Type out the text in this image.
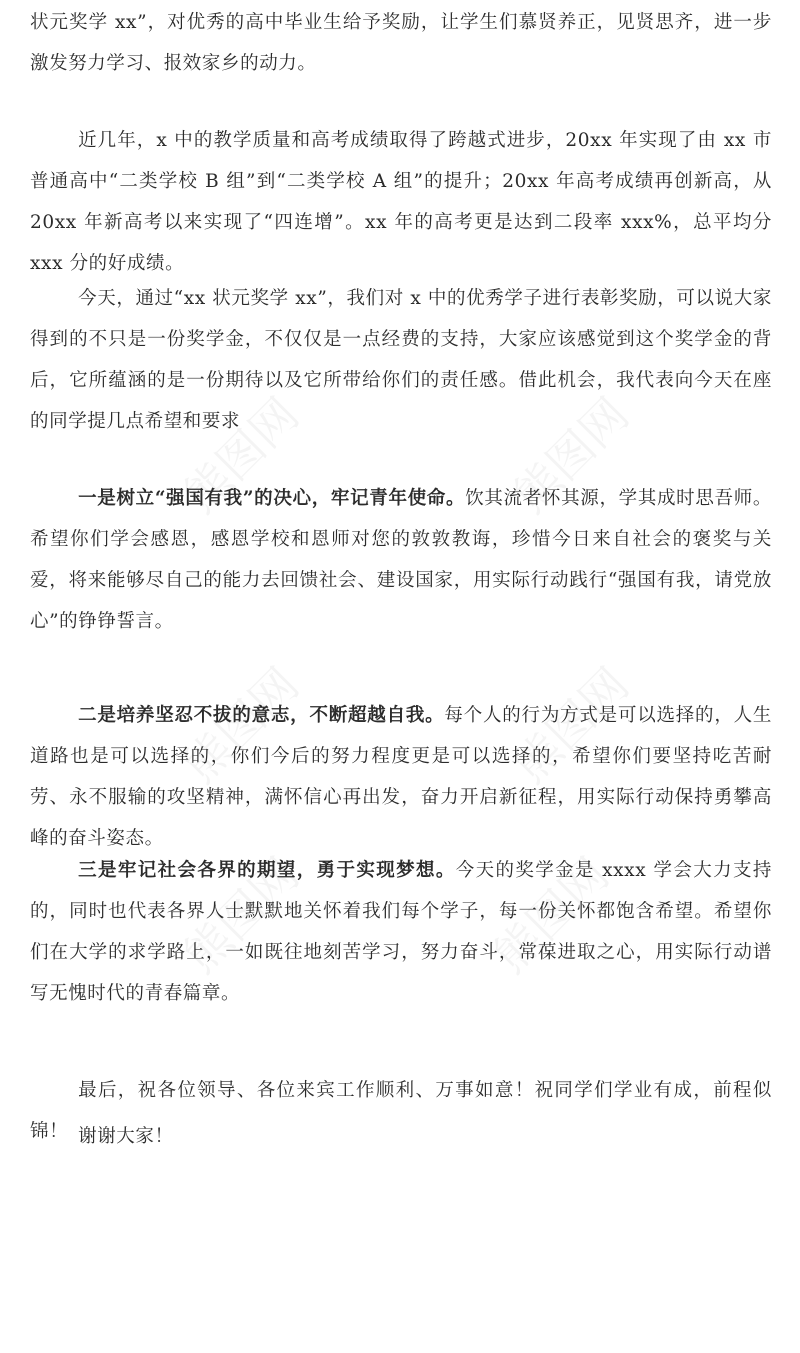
状元奖学 xx”，对优秀的高中毕业生给予奖励，让学生们慕贤养正，见贤思齐，进一步激发努力学习、报效家乡的动力。

近几年，x 中的教学质量和高考成绩取得了跨越式进步，20xx 年实现了由 xx 市普通高中“二类学校 B 组”到“二类学校 A 组”的提升；20xx 年高考成绩再创新高，从 20xx 年新高考以来实现了“四连增”。xx 年的高考更是达到二段率 xxx%，总平均分 xxx 分的好成绩。

今天，通过“xx 状元奖学 xx”，我们对 x 中的优秀学子进行表彰奖励，可以说大家得到的不只是一份奖学金，不仅仅是一点经费的支持，大家应该感觉到这个奖学金的背后，它所蕴涵的是一份期待以及它所带给你们的责任感。借此机会，我代表向今天在座的同学提几点希望和要求

一是树立“强国有我”的决心，牢记青年使命。饮其流者怀其源，学其成时思吾师。希望你们学会感恩，感恩学校和恩师对您的敦敦教诲，珍惜今日来自社会的褒奖与关爱，将来能够尽自己的能力去回馈社会、建设国家，用实际行动践行“强国有我，请党放心”的铮铮誓言。

二是培养坚忍不拔的意志，不断超越自我。每个人的行为方式是可以选择的，人生道路也是可以选择的，你们今后的努力程度更是可以选择的，希望你们要坚持吃苦耐劳、永不服输的攻坚精神，满怀信心再出发，奋力开启新征程，用实际行动保持勇攀高峰的奋斗姿态。

三是牢记社会各界的期望，勇于实现梦想。今天的奖学金是 xxxx 学会大力支持的，同时也代表各界人士默默地关怀着我们每个学子，每一份关怀都饱含希望。希望你们在大学的求学路上，一如既往地刻苦学习，努力奋斗，常葆进取之心，用实际行动谱写无愧时代的青春篇章。

最后，祝各位领导、各位来宾工作顺利、万事如意！祝同学们学业有成，前程似锦！ 谢谢大家！
